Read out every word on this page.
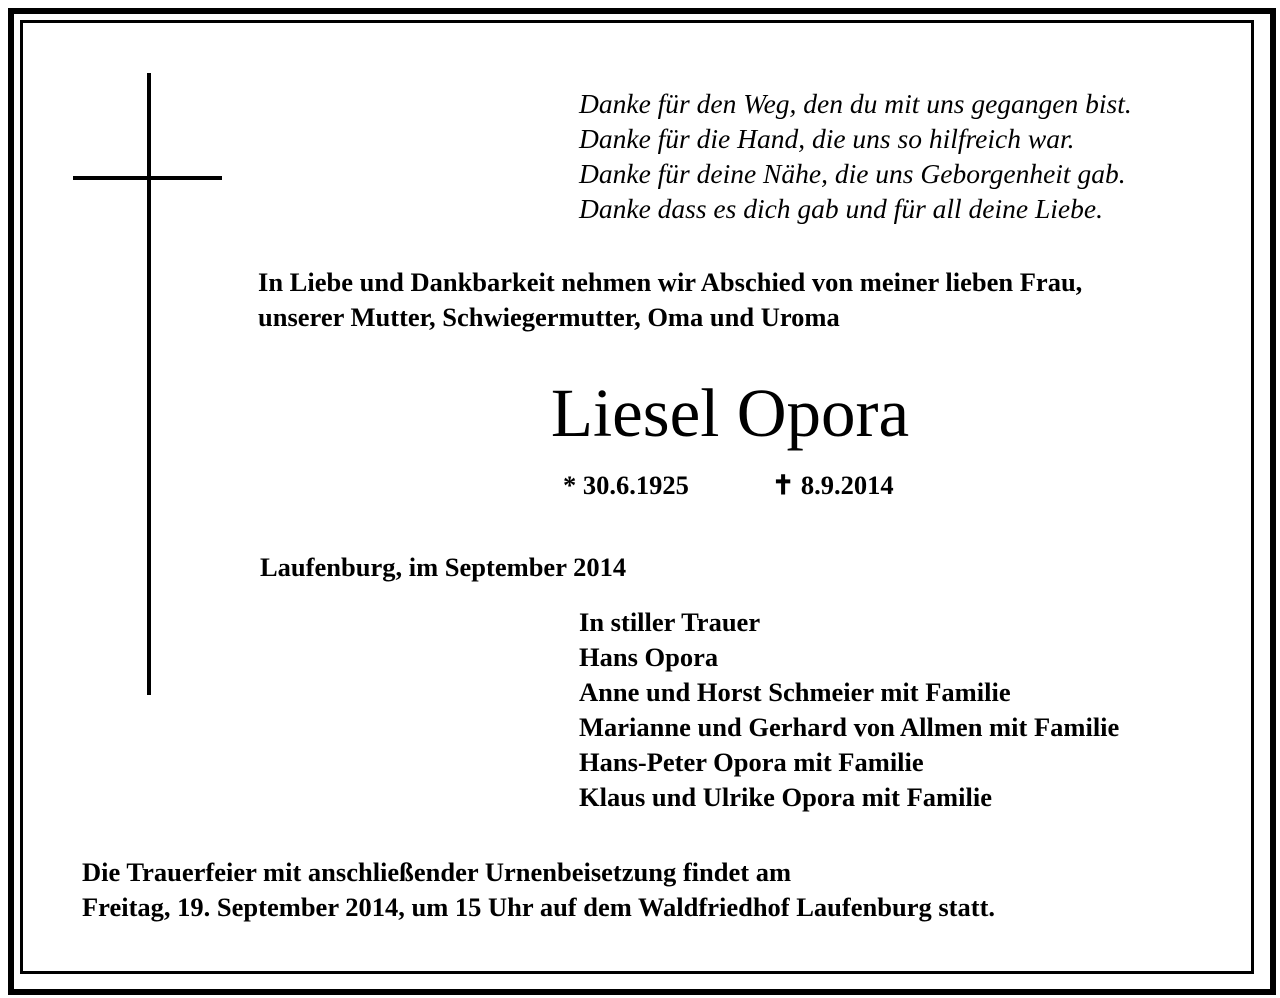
Danke für den Weg, den du mit uns gegangen bist.
Danke für die Hand, die uns so hilfreich war.
Danke für deine Nähe, die uns Geborgenheit gab.
Danke dass es dich gab und für all deine Liebe.
In Liebe und Dankbarkeit nehmen wir Abschied von meiner lieben Frau,
unserer Mutter, Schwiegermutter, Oma und Uroma
Liesel Opora
* 30.6.1925	✝ 8.9.2014
Laufenburg, im September 2014
In stiller Trauer
Hans Opora
Anne und Horst Schmeier mit Familie
Marianne und Gerhard von Allmen mit Familie
Hans-Peter Opora mit Familie
Klaus und Ulrike Opora mit Familie
Die Trauerfeier mit anschließender Urnenbeisetzung findet am
Freitag, 19. September 2014, um 15 Uhr auf dem Waldfriedhof Laufenburg statt.
